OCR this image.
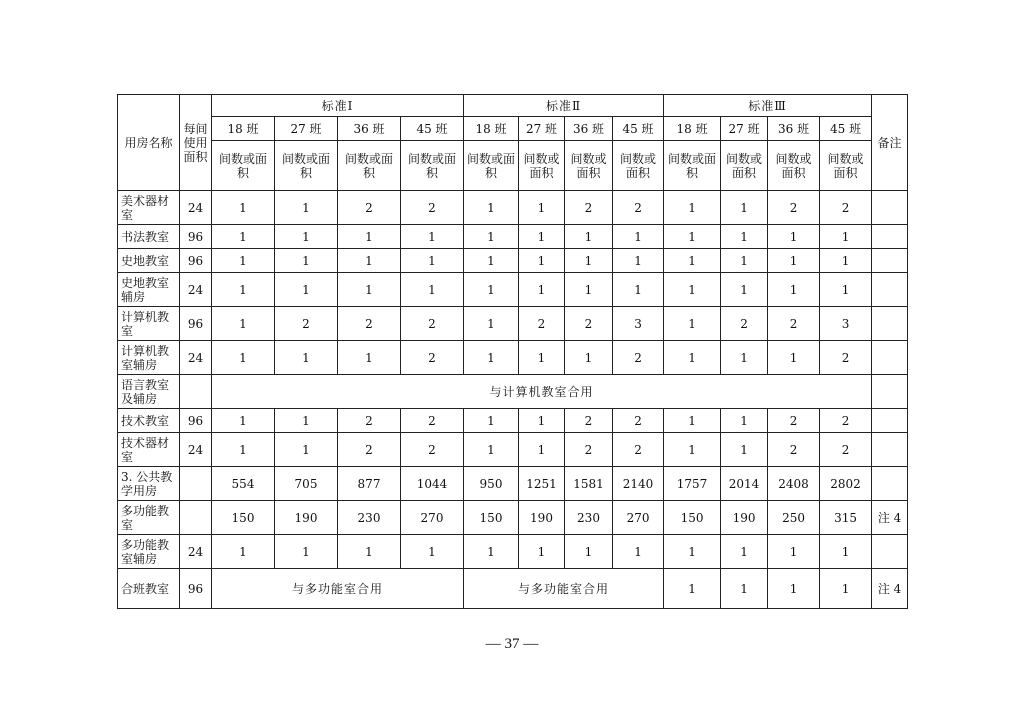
用房名称	每间使用面积	标准Ⅰ				标准Ⅱ				标准Ⅲ				备注
		18 班	27 班	36 班	45 班	18 班	27 班	36 班	45 班	18 班	27 班	36 班	45 班	
		间数或面积	间数或面积	间数或面积	间数或面积	间数或面积	间数或面积	间数或面积	间数或面积	间数或面积	间数或面积	间数或面积	间数或面积	
美术器材室	24	1	1	2	2	1	1	2	2	1	1	2	2	
书法教室	96	1	1	1	1	1	1	1	1	1	1	1	1	
史地教室	96	1	1	1	1	1	1	1	1	1	1	1	1	
史地教室辅房	24	1	1	1	1	1	1	1	1	1	1	1	1	
计算机教室	96	1	2	2	2	1	2	2	3	1	2	2	3	
计算机教室辅房	24	1	1	1	2	1	1	1	2	1	1	1	2	
语言教室及辅房		与计算机教室合用												
技术教室	96	1	1	2	2	1	1	2	2	1	1	2	2	
技术器材室	24	1	1	2	2	1	1	2	2	1	1	2	2	
3. 公共教学用房		554	705	877	1044	950	1251	1581	2140	1757	2014	2408	2802	
多功能教室		150	190	230	270	150	190	230	270	150	190	250	315	注 4
多功能教室辅房	24	1	1	1	1	1	1	1	1	1	1	1	1	
合班教室	96	与多功能室合用				与多功能室合用				1	1	1	1	注 4
— 37 —
